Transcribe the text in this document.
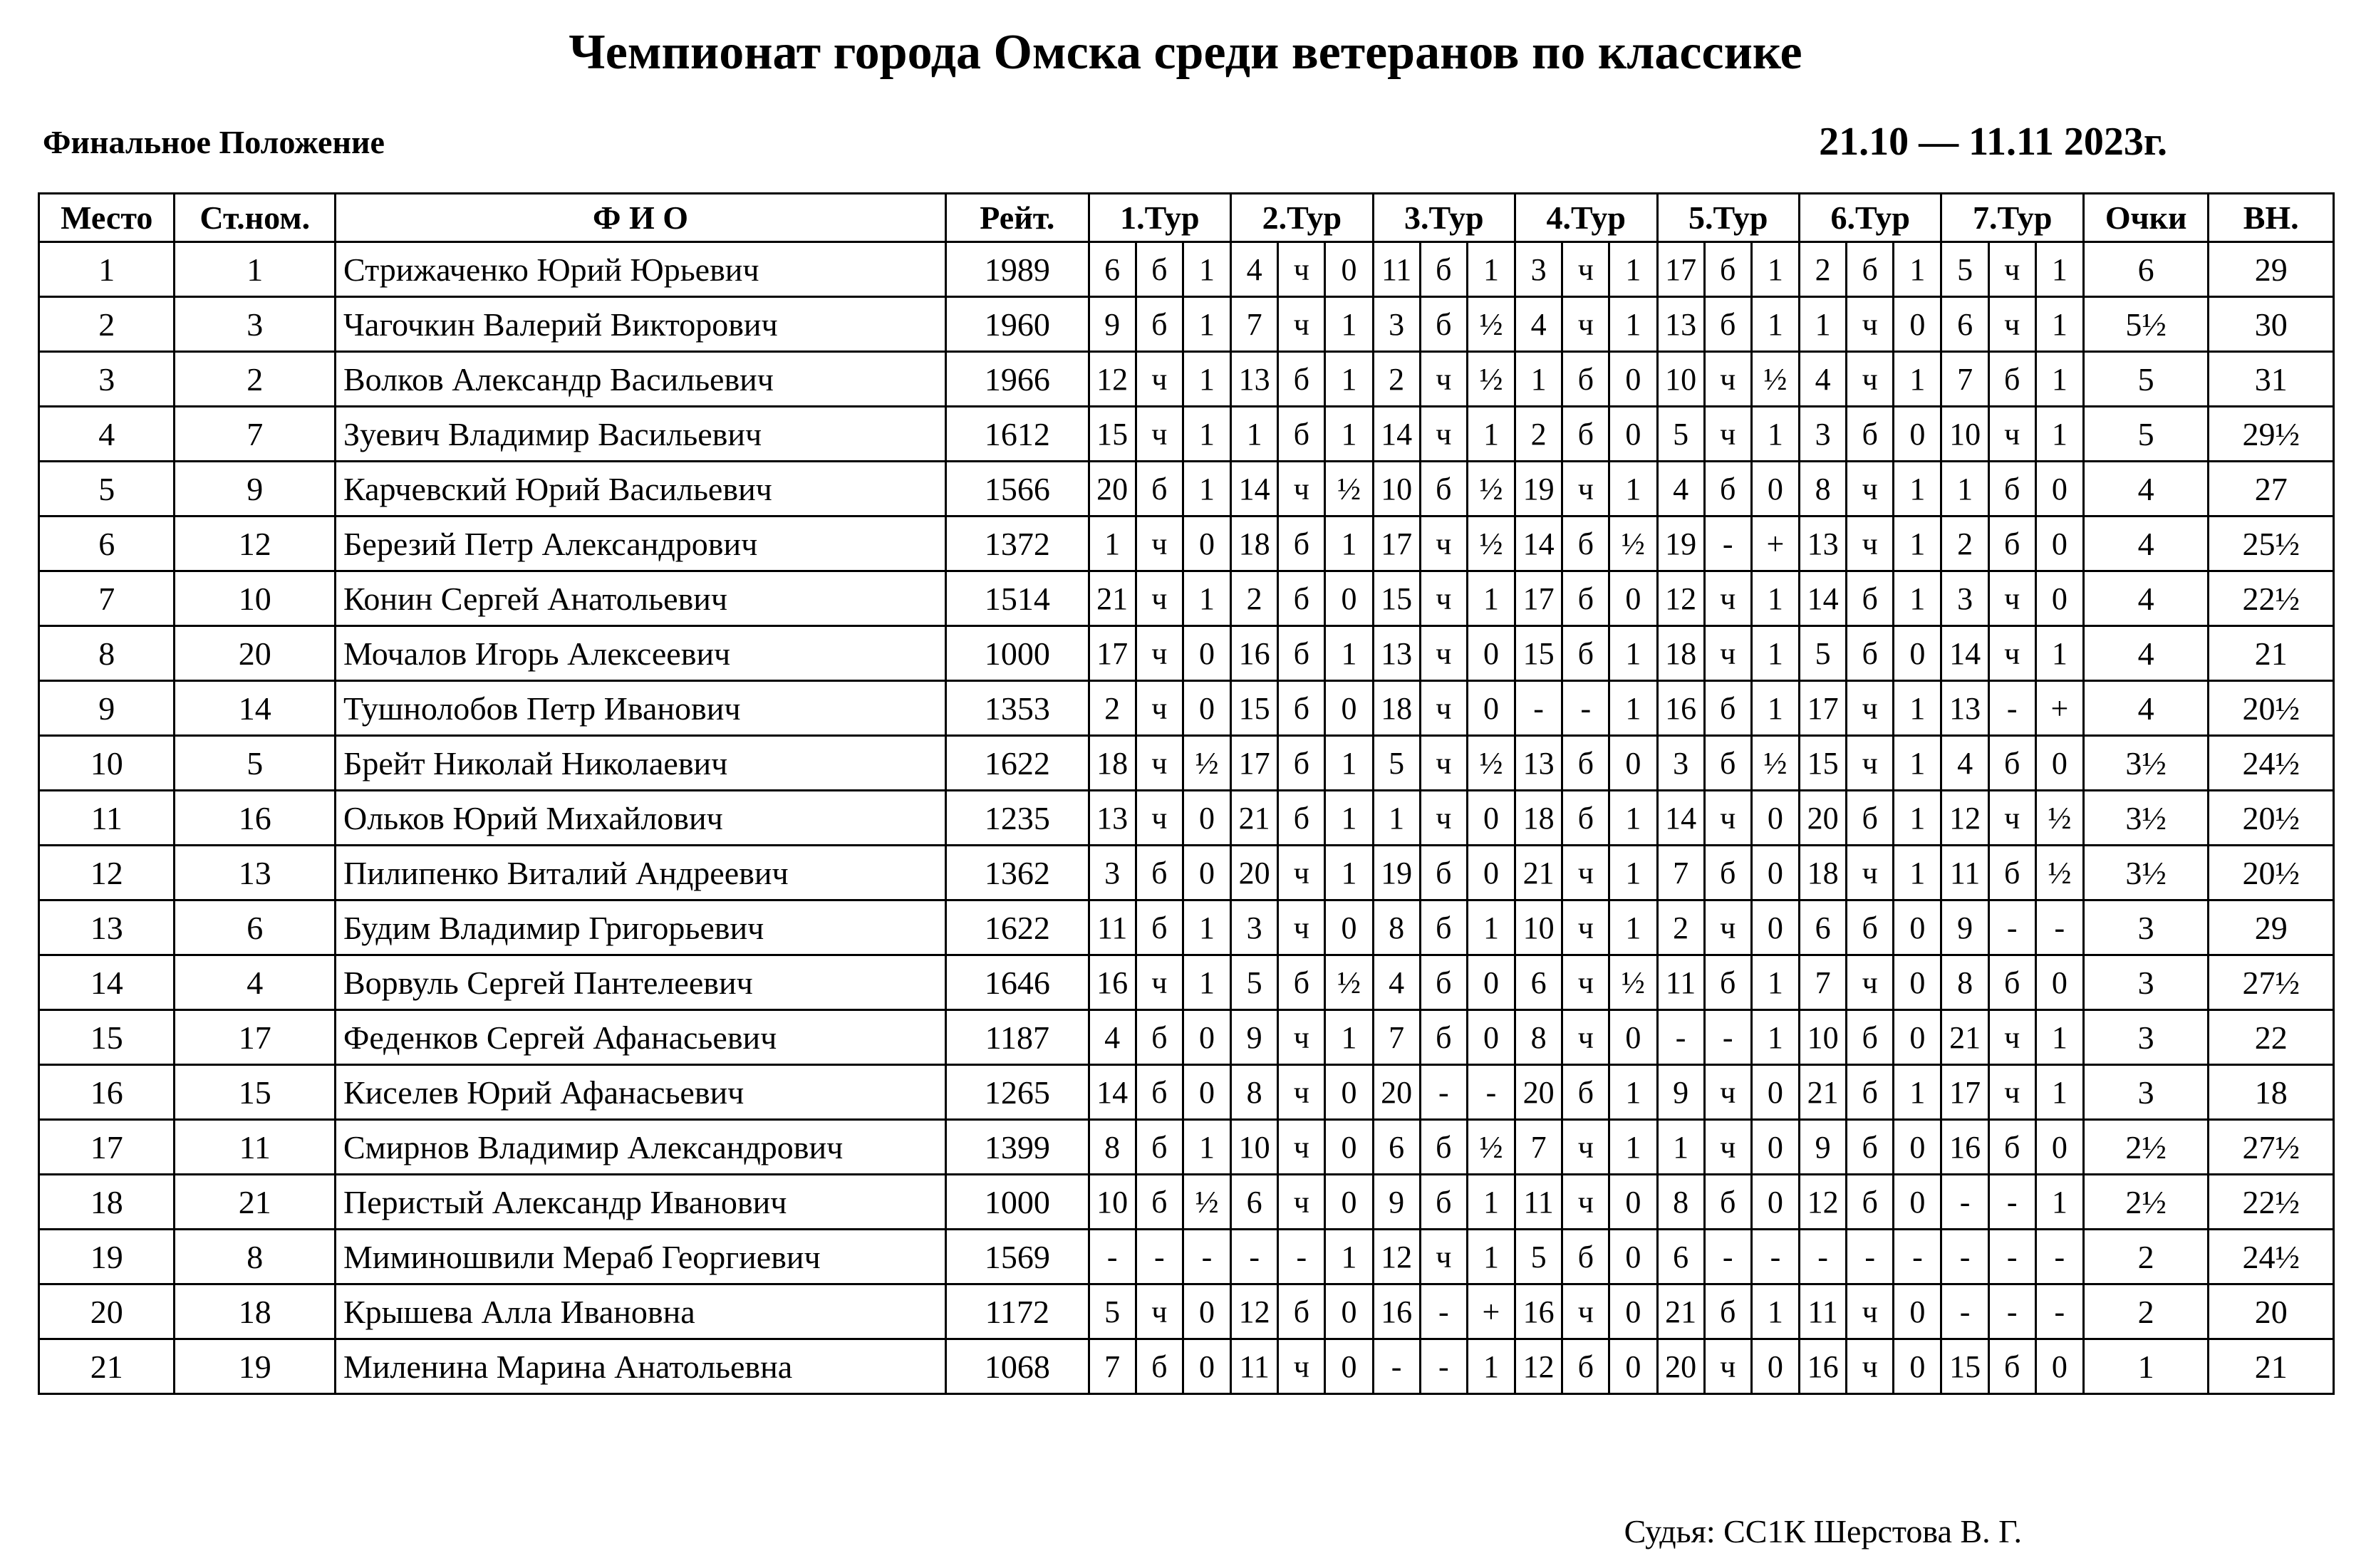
Чемпионат города Омска среди ветеранов по классике
Финальное Положение	21.10 — 11.11 2023г.
Место	Ст.ном.	Ф И О	Рейт.	1.Тур			2.Тур			3.Тур			4.Тур			5.Тур			6.Тур			7.Тур			Очки	ВН.
1	1	Стрижаченко Юрий Юрьевич	1989	6	б	1	4	ч	0	11	б	1	3	ч	1	17	б	1	2	б	1	5	ч	1	6	29
2	3	Чагочкин Валерий Викторович	1960	9	б	1	7	ч	1	3	б	½	4	ч	1	13	б	1	1	ч	0	6	ч	1	5½	30
3	2	Волков Александр Васильевич	1966	12	ч	1	13	б	1	2	ч	½	1	б	0	10	ч	½	4	ч	1	7	б	1	5	31
4	7	Зуевич Владимир Васильевич	1612	15	ч	1	1	б	1	14	ч	1	2	б	0	5	ч	1	3	б	0	10	ч	1	5	29½
5	9	Карчевский Юрий Васильевич	1566	20	б	1	14	ч	½	10	б	½	19	ч	1	4	б	0	8	ч	1	1	б	0	4	27
6	12	Березий Петр Александрович	1372	1	ч	0	18	б	1	17	ч	½	14	б	½	19	-	+	13	ч	1	2	б	0	4	25½
7	10	Конин Сергей Анатольевич	1514	21	ч	1	2	б	0	15	ч	1	17	б	0	12	ч	1	14	б	1	3	ч	0	4	22½
8	20	Мочалов Игорь Алексеевич	1000	17	ч	0	16	б	1	13	ч	0	15	б	1	18	ч	1	5	б	0	14	ч	1	4	21
9	14	Тушнолобов Петр Иванович	1353	2	ч	0	15	б	0	18	ч	0	-	-	1	16	б	1	17	ч	1	13	-	+	4	20½
10	5	Брейт Николай Николаевич	1622	18	ч	½	17	б	1	5	ч	½	13	б	0	3	б	½	15	ч	1	4	б	0	3½	24½
11	16	Ольков Юрий Михайлович	1235	13	ч	0	21	б	1	1	ч	0	18	б	1	14	ч	0	20	б	1	12	ч	½	3½	20½
12	13	Пилипенко Виталий Андреевич	1362	3	б	0	20	ч	1	19	б	0	21	ч	1	7	б	0	18	ч	1	11	б	½	3½	20½
13	6	Будим Владимир Григорьевич	1622	11	б	1	3	ч	0	8	б	1	10	ч	1	2	ч	0	6	б	0	9	-	-	3	29
14	4	Ворвуль Сергей Пантелеевич	1646	16	ч	1	5	б	½	4	б	0	6	ч	½	11	б	1	7	ч	0	8	б	0	3	27½
15	17	Феденков Сергей Афанасьевич	1187	4	б	0	9	ч	1	7	б	0	8	ч	0	-	-	1	10	б	0	21	ч	1	3	22
16	15	Киселев Юрий Афанасьевич	1265	14	б	0	8	ч	0	20	-	-	20	б	1	9	ч	0	21	б	1	17	ч	1	3	18
17	11	Смирнов Владимир Александрович	1399	8	б	1	10	ч	0	6	б	½	7	ч	1	1	ч	0	9	б	0	16	б	0	2½	27½
18	21	Перистый Александр Иванович	1000	10	б	½	6	ч	0	9	б	1	11	ч	0	8	б	0	12	б	0	-	-	1	2½	22½
19	8	Миминошвили Мераб Георгиевич	1569	-	-	-	-	-	1	12	ч	1	5	б	0	6	-	-	-	-	-	-	-	-	2	24½
20	18	Крышева Алла Ивановна	1172	5	ч	0	12	б	0	16	-	+	16	ч	0	21	б	1	11	ч	0	-	-	-	2	20
21	19	Миленина Марина Анатольевна	1068	7	б	0	11	ч	0	-	-	1	12	б	0	20	ч	0	16	ч	0	15	б	0	1	21
Судья: СС1К Шерстова В. Г.
